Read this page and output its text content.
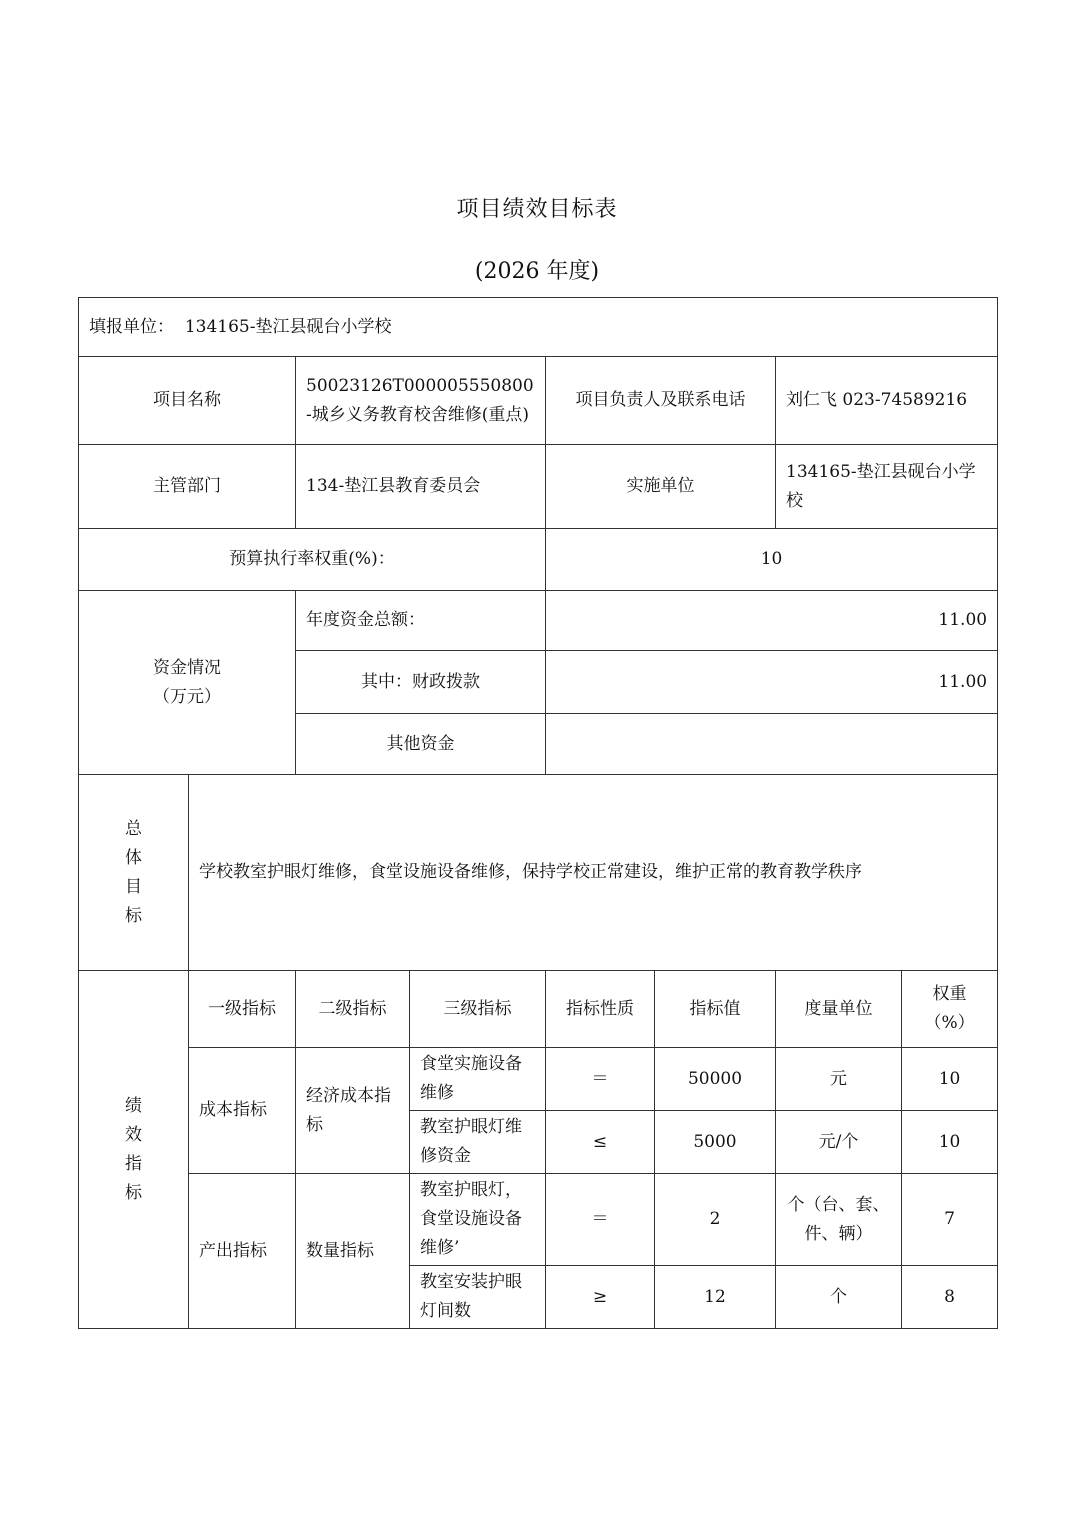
项目绩效目标表
(2026 年度)
填报单位： 134165-垫江县砚台小学校							
项目名称		50023126T000005550800-城乡义务教育校舍维修(重点)		项目负责人及联系电话		刘仁飞 023-74589216	
主管部门		134-垫江县教育委员会		实施单位		134165-垫江县砚台小学校	
预算执行率权重(%)：				10			

资金情况
（万元）		年度资金总额：		11.00			
		其中：财政拨款		11.00			
		其他资金					

总
体
目
标	学校教室护眼灯维修，食堂设施设备维修，保持学校正常建设，维护正常的教育教学秩序						

绩
效
指
标	一级指标	二级指标	三级指标	指标性质	指标值	度量单位	权重（%）
	成本指标	经济成本指标	食堂实施设备维修	＝	50000	元	10
			教室护眼灯维修资金	≤	5000	元/个	10
	产出指标	数量指标	教室护眼灯，食堂设施设备维修’	＝	2	个（台、套、件、辆）	7
			教室安装护眼灯间数	≥	12	个	8
